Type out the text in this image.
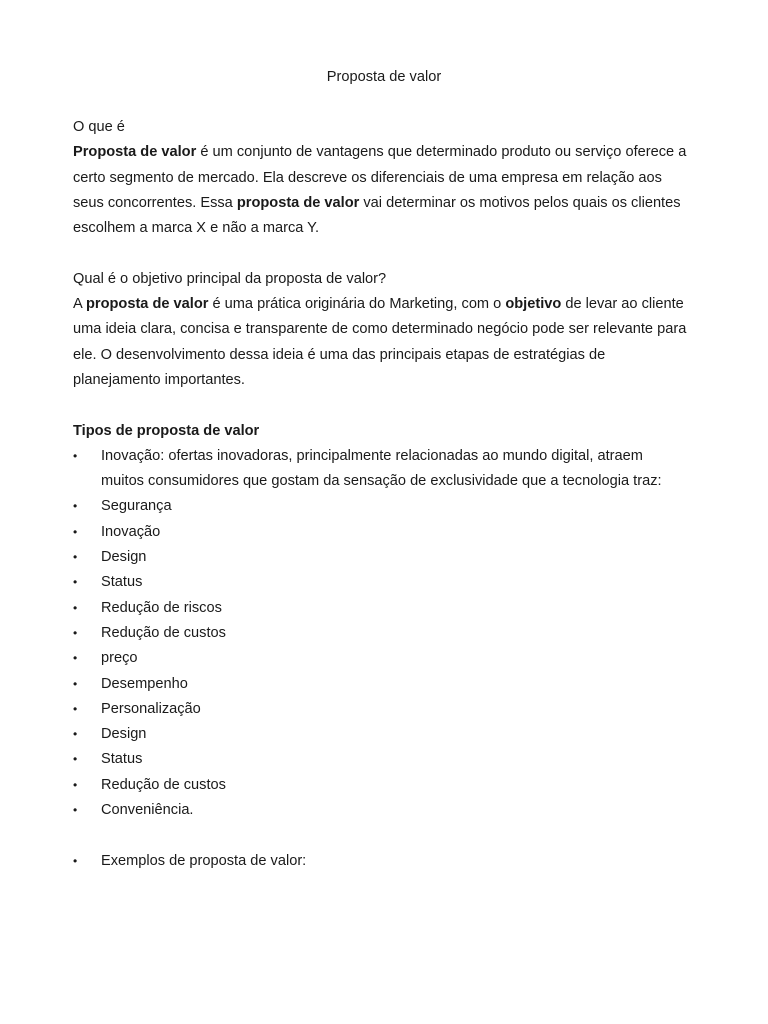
Proposta de valor

O que é

Proposta de valor é um conjunto de vantagens que determinado produto ou serviço oferece a certo segmento de mercado. Ela descreve os diferenciais de uma empresa em relação aos seus concorrentes. Essa proposta de valor vai determinar os motivos pelos quais os clientes escolhem a marca X e não a marca Y.

Qual é o objetivo principal da proposta de valor?

A proposta de valor é uma prática originária do Marketing, com o objetivo de levar ao cliente uma ideia clara, concisa e transparente de como determinado negócio pode ser relevante para ele. O desenvolvimento dessa ideia é uma das principais etapas de estratégias de planejamento importantes.

Tipos de proposta de valor

•	Inovação: ofertas inovadoras, principalmente relacionadas ao mundo digital, atraem muitos consumidores que gostam da sensação de exclusividade que a tecnologia traz:
•	Segurança
•	Inovação
•	Design
•	Status
•	Redução de riscos
•	Redução de custos
•	preço
•	Desempenho
•	Personalização
•	Design
•	Status
•	Redução de custos
•	Conveniência.
•	Exemplos de proposta de valor:
